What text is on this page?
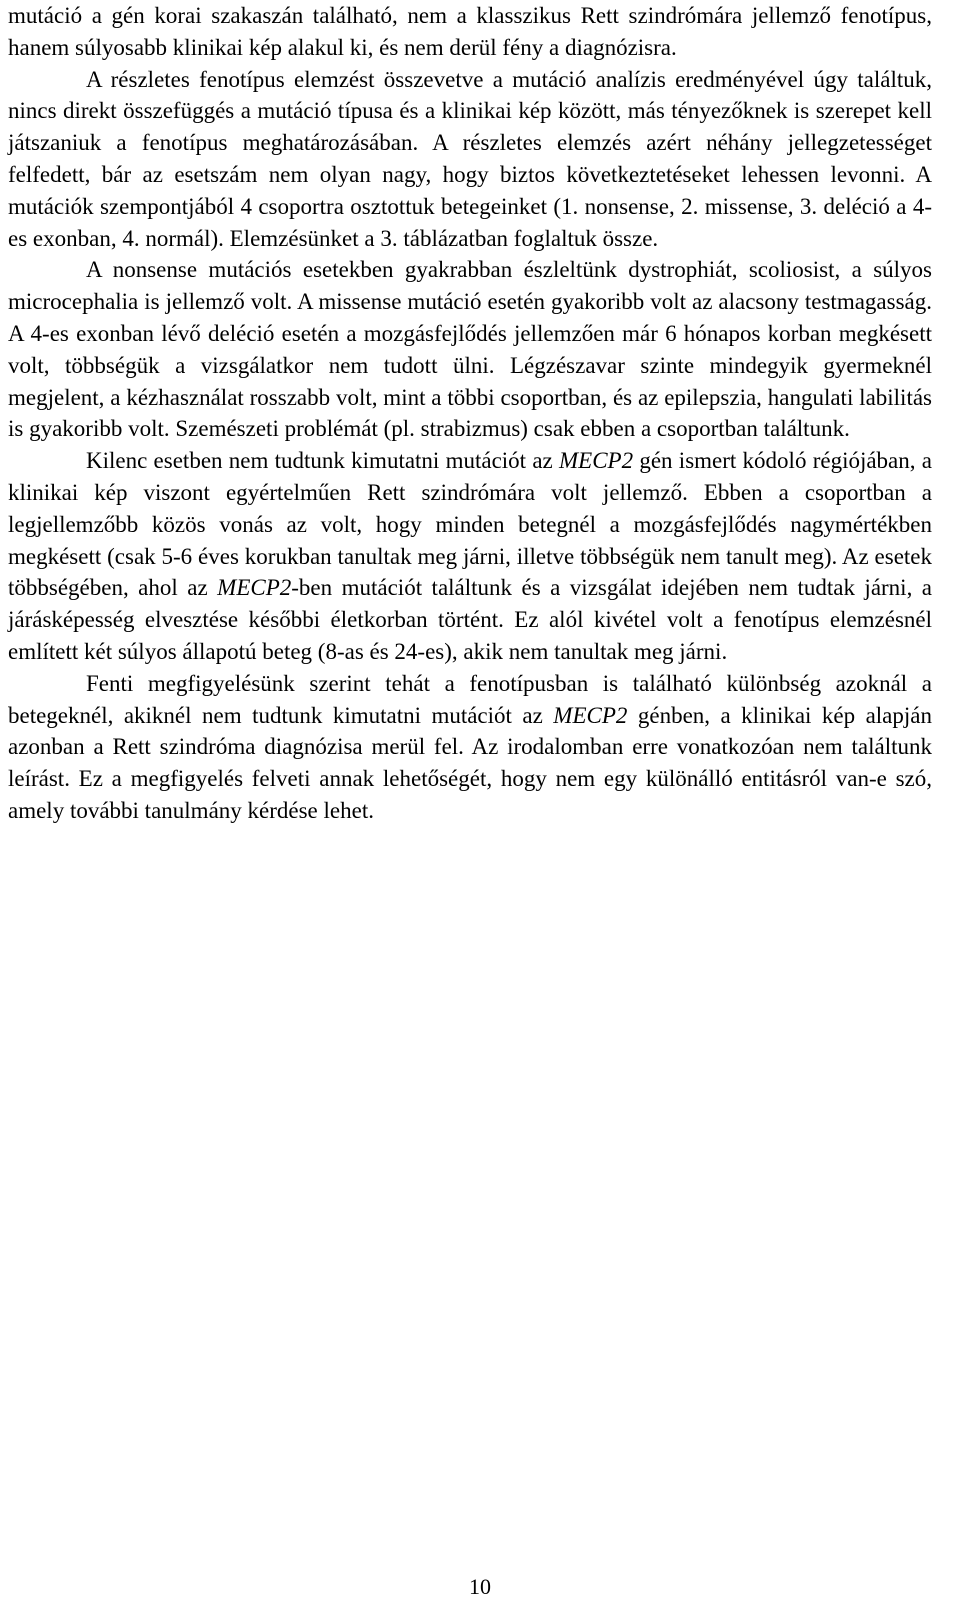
mutáció a gén korai szakaszán található, nem a klasszikus Rett szindrómára jellemző fenotípus, hanem súlyosabb klinikai kép alakul ki, és nem derül fény a diagnózisra.

A részletes fenotípus elemzést összevetve a mutáció analízis eredményével úgy találtuk, nincs direkt összefüggés a mutáció típusa és a klinikai kép között, más tényezőknek is szerepet kell játszaniuk a fenotípus meghatározásában. A részletes elemzés azért néhány jellegzetességet felfedett, bár az esetszám nem olyan nagy, hogy biztos következtetéseket lehessen levonni. A mutációk szempontjából 4 csoportra osztottuk betegeinket (1. nonsense, 2. missense, 3. deléció a 4-es exonban, 4. normál). Elemzésünket a 3. táblázatban foglaltuk össze.

A nonsense mutációs esetekben gyakrabban észleltünk dystrophiát, scoliosist, a súlyos microcephalia is jellemző volt. A missense mutáció esetén gyakoribb volt az alacsony testmagasság. A 4-es exonban lévő deléció esetén a mozgásfejlődés jellemzően már 6 hónapos korban megkésett volt, többségük a vizsgálatkor nem tudott ülni. Légzészavar szinte mindegyik gyermeknél megjelent, a kézhasználat rosszabb volt, mint a többi csoportban, és az epilepszia, hangulati labilitás is gyakoribb volt. Szemészeti problémát (pl. strabizmus) csak ebben a csoportban találtunk.

Kilenc esetben nem tudtunk kimutatni mutációt az MECP2 gén ismert kódoló régiójában, a klinikai kép viszont egyértelműen Rett szindrómára volt jellemző. Ebben a csoportban a legjellemzőbb közös vonás az volt, hogy minden betegnél a mozgásfejlődés nagymértékben megkésett (csak 5-6 éves korukban tanultak meg járni, illetve többségük nem tanult meg). Az esetek többségében, ahol az MECP2-ben mutációt találtunk és a vizsgálat idejében nem tudtak járni, a járásképesség elvesztése későbbi életkorban történt. Ez alól kivétel volt a fenotípus elemzésnél említett két súlyos állapotú beteg (8-as és 24-es), akik nem tanultak meg járni.

Fenti megfigyelésünk szerint tehát a fenotípusban is található különbség azoknál a betegeknél, akiknél nem tudtunk kimutatni mutációt az MECP2 génben, a klinikai kép alapján azonban a Rett szindróma diagnózisa merül fel. Az irodalomban erre vonatkozóan nem találtunk leírást. Ez a megfigyelés felveti annak lehetőségét, hogy nem egy különálló entitásról van-e szó, amely további tanulmány kérdése lehet.

10
